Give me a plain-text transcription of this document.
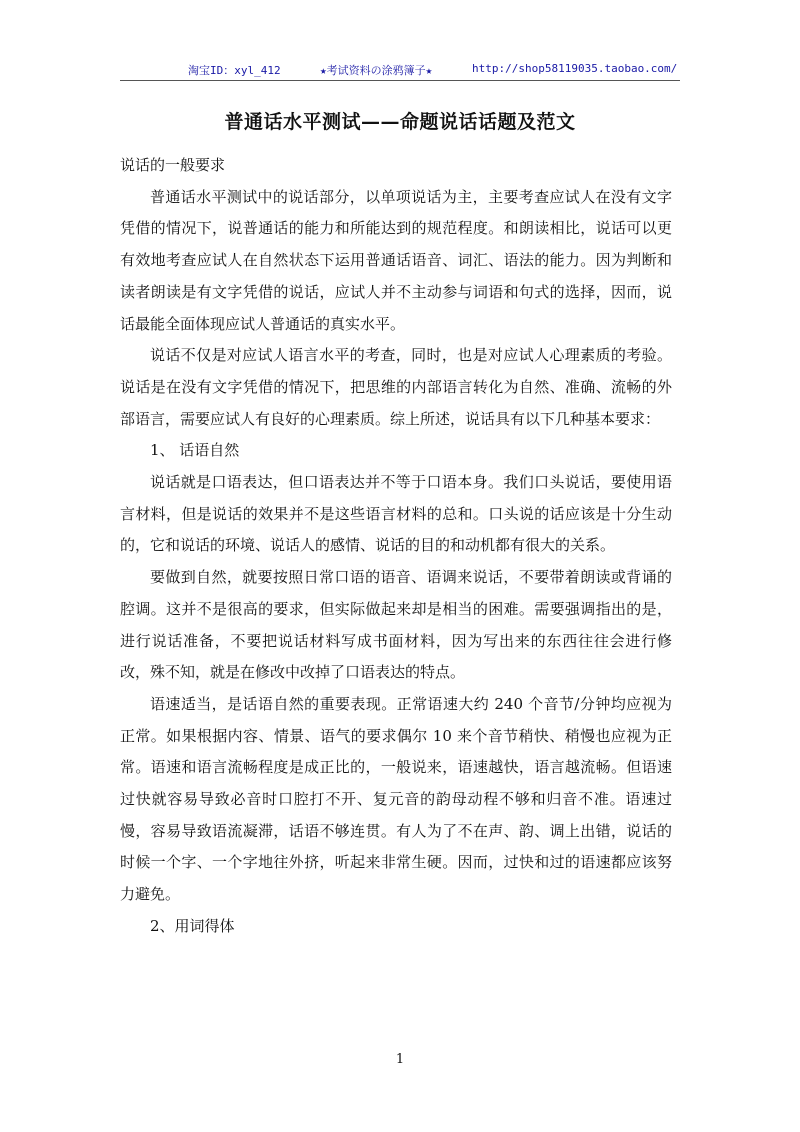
淘宝ID：xyl_412	★考试资料の涂鸦簿子★	http://shop58119035.taobao.com/
普通话水平测试——命题说话话题及范文

说话的一般要求

普通话水平测试中的说话部分，以单项说话为主，主要考查应试人在没有文字凭借的情况下，说普通话的能力和所能达到的规范程度。和朗读相比，说话可以更有效地考查应试人在自然状态下运用普通话语音、词汇、语法的能力。因为判断和读者朗读是有文字凭借的说话，应试人并不主动参与词语和句式的选择，因而，说话最能全面体现应试人普通话的真实水平。

说话不仅是对应试人语言水平的考查，同时，也是对应试人心理素质的考验。说话是在没有文字凭借的情况下，把思维的内部语言转化为自然、准确、流畅的外部语言，需要应试人有良好的心理素质。综上所述，说话具有以下几种基本要求：

1、 话语自然

说话就是口语表达，但口语表达并不等于口语本身。我们口头说话，要使用语言材料，但是说话的效果并不是这些语言材料的总和。口头说的话应该是十分生动的，它和说话的环境、说话人的感情、说话的目的和动机都有很大的关系。

要做到自然，就要按照日常口语的语音、语调来说话，不要带着朗读或背诵的腔调。这并不是很高的要求，但实际做起来却是相当的困难。需要强调指出的是，进行说话准备，不要把说话材料写成书面材料，因为写出来的东西往往会进行修改，殊不知，就是在修改中改掉了口语表达的特点。

语速适当，是话语自然的重要表现。正常语速大约 240 个音节/分钟均应视为正常。如果根据内容、情景、语气的要求偶尔 10 来个音节稍快、稍慢也应视为正常。语速和语言流畅程度是成正比的，一般说来，语速越快，语言越流畅。但语速过快就容易导致必音时口腔打不开、复元音的韵母动程不够和归音不准。语速过慢，容易导致语流凝滞，话语不够连贯。有人为了不在声、韵、调上出错，说话的时候一个字、一个字地往外挤，听起来非常生硬。因而，过快和过的语速都应该努力避免。

2、用词得体

1
